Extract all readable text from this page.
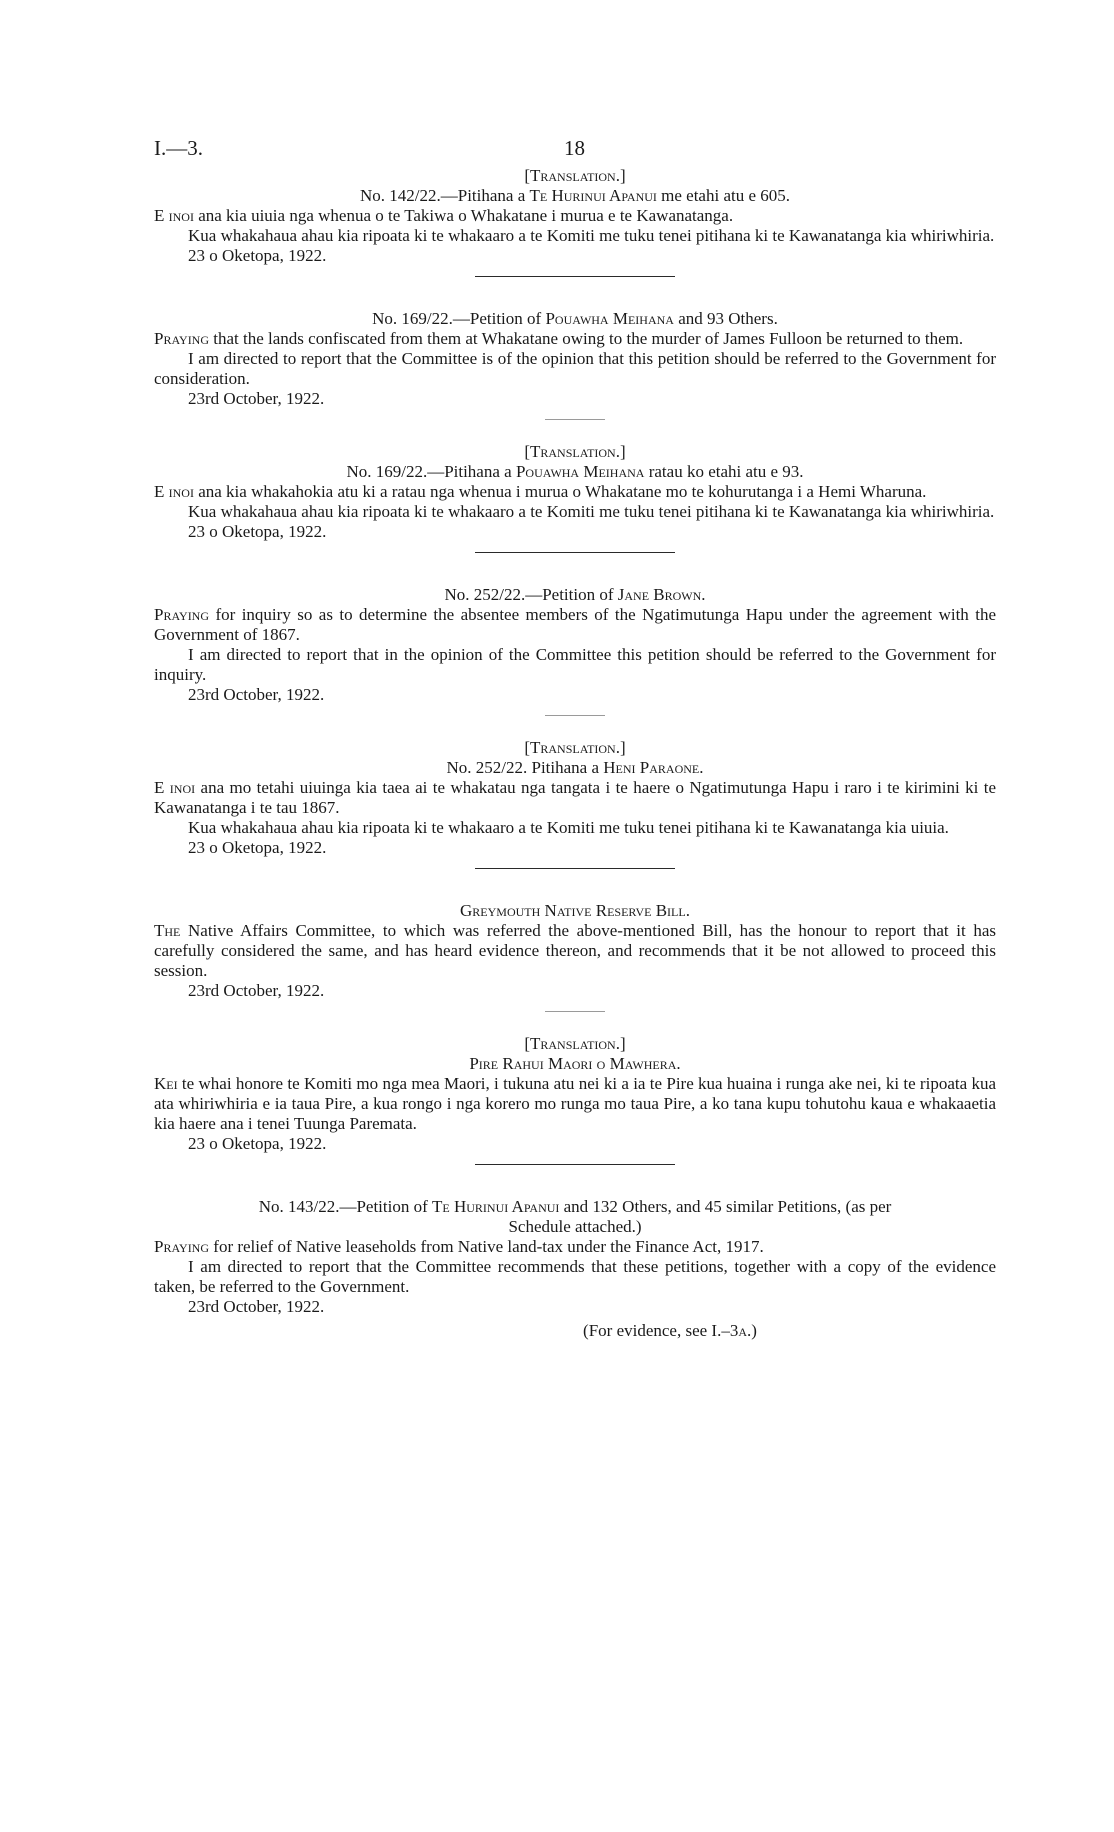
I.—3.	18
[Translation.]
No. 142/22.—Pitihana a Te Hurinui Apanui me etahi atu e 605.

E inoi ana kia uiuia nga whenua o te Takiwa o Whakatane i murua e te Kawanatanga.

Kua whakahaua ahau kia ripoata ki te whakaaro a te Komiti me tuku tenei pitihana ki te Kawanatanga kia whiriwhiria.

23 o Oketopa, 1922.
No. 169/22.—Petition of Pouawha Meihana and 93 Others.

Praying that the lands confiscated from them at Whakatane owing to the murder of James Fulloon be returned to them.

I am directed to report that the Committee is of the opinion that this petition should be referred to the Government for consideration.

23rd October, 1922.
[Translation.]
No. 169/22.—Pitihana a Pouawha Meihana ratau ko etahi atu e 93.

E inoi ana kia whakahokia atu ki a ratau nga whenua i murua o Whakatane mo te kohurutanga i a Hemi Wharuna.

Kua whakahaua ahau kia ripoata ki te whakaaro a te Komiti me tuku tenei pitihana ki te Kawanatanga kia whiriwhiria.

23 o Oketopa, 1922.
No. 252/22.—Petition of Jane Brown.

Praying for inquiry so as to determine the absentee members of the Ngatimutunga Hapu under the agreement with the Government of 1867.

I am directed to report that in the opinion of the Committee this petition should be referred to the Government for inquiry.

23rd October, 1922.
[Translation.]
No. 252/22. Pitihana a Heni Paraone.

E inoi ana mo tetahi uiuinga kia taea ai te whakatau nga tangata i te haere o Ngatimutunga Hapu i raro i te kirimini ki te Kawanatanga i te tau 1867.

Kua whakahaua ahau kia ripoata ki te whakaaro a te Komiti me tuku tenei pitihana ki te Kawanatanga kia uiuia.

23 o Oketopa, 1922.
Greymouth Native Reserve Bill.

The Native Affairs Committee, to which was referred the above-mentioned Bill, has the honour to report that it has carefully considered the same, and has heard evidence thereon, and recommends that it be not allowed to proceed this session.

23rd October, 1922.
[Translation.]
Pire Rahui Maori o Mawhera.

Kei te whai honore te Komiti mo nga mea Maori, i tukuna atu nei ki a ia te Pire kua huaina i runga ake nei, ki te ripoata kua ata whiriwhiria e ia taua Pire, a kua rongo i nga korero mo runga mo taua Pire, a ko tana kupu tohutohu kaua e whakaaetia kia haere ana i tenei Tuunga Paremata.

23 o Oketopa, 1922.
No. 143/22.—Petition of Te Hurinui Apanui and 132 Others, and 45 similar Petitions, (as per
Schedule attached.)

Praying for relief of Native leaseholds from Native land-tax under the Finance Act, 1917.

I am directed to report that the Committee recommends that these petitions, together with a copy of the evidence taken, be referred to the Government.

23rd October, 1922.
(For evidence, see I.–3a.)
